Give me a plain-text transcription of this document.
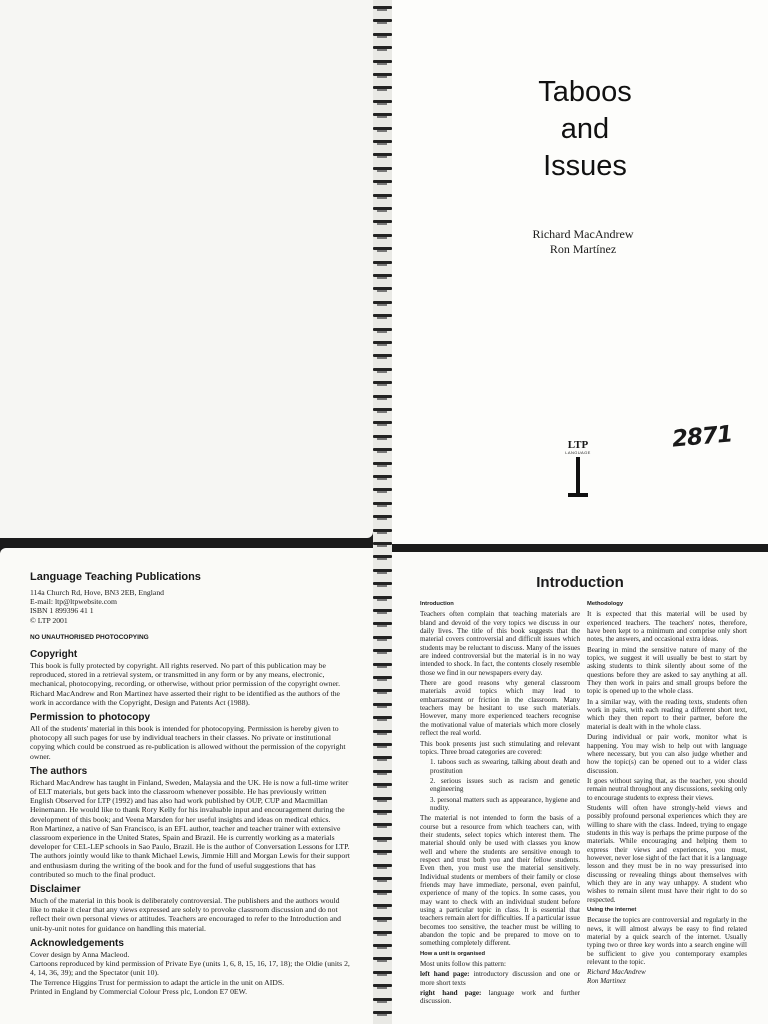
Taboos
and
Issues
Richard MacAndrew
Ron Martínez
2871
LTP
LANGUAGE
Language Teaching Publications

114a Church Rd, Hove, BN3 2EB, England

E-mail: ltp@ltpwebsite.com

ISBN 1 899396 41 1

© LTP 2001

NO UNAUTHORISED PHOTOCOPYING
Copyright

This book is fully protected by copyright. All rights reserved. No part of this publication may be reproduced, stored in a retrieval system, or transmitted in any form or by any means, electronic, mechanical, photocopying, recording, or otherwise, without prior permission of the copyright owner.

Richard MacAndrew and Ron Martinez have asserted their right to be identified as the authors of the work in accordance with the Copyright, Design and Patents Act (1988).

Permission to photocopy

All of the students' material in this book is intended for photocopying. Permission is hereby given to photocopy all such pages for use by individual teachers in their classes. No private or institutional copying which could be construed as re-publication is allowed without the permission of the copyright owner.

The authors

Richard MacAndrew has taught in Finland, Sweden, Malaysia and the UK. He is now a full-time writer of ELT materials, but gets back into the classroom whenever possible. He has previously written English Observed for LTP (1992) and has also had work published by OUP, CUP and Macmillan Heinemann. He would like to thank Rory Kelly for his invaluable input and encouragement during the development of this book; and Veena Marsden for her useful insights and ideas on medical ethics.

Ron Martinez, a native of San Francisco, is an EFL author, teacher and teacher trainer with extensive classroom experience in the United States, Spain and Brazil. He is currently working as a materials developer for CEL-LEP schools in Sao Paulo, Brazil. He is the author of Conversation Lessons for LTP.

The authors jointly would like to thank Michael Lewis, Jimmie Hill and Morgan Lewis for their support and enthusiasm during the writing of the book and for the fund of useful suggestions that has contributed so much to the final product.

Disclaimer

Much of the material in this book is deliberately controversial. The publishers and the authors would like to make it clear that any views expressed are solely to provoke classroom discussion and do not reflect their own personal views or attitudes. Teachers are encouraged to refer to the Introduction and unit-by-unit notes for guidance on handling this material.

Acknowledgements

Cover design by Anna Macleod.

Cartoons reproduced by kind permission of Private Eye (units 1, 6, 8, 15, 16, 17, 18); the Oldie (units 2, 4, 14, 36, 39); and the Spectator (unit 10).

The Terrence Higgins Trust for permission to adapt the article in the unit on AIDS.

Printed in England by Commercial Colour Press plc, London E7 0EW.

Introduction
Introduction

Teachers often complain that teaching materials are bland and devoid of the very topics we discuss in our daily lives. The title of this book suggests that the material covers controversial and difficult issues which students may be reluctant to discuss. Many of the issues are indeed controversial but the material is in no way intended to shock. In fact, the contents closely resemble those we find in our newspapers every day.

There are good reasons why general classroom materials avoid topics which may lead to embarrassment or friction in the classroom. Many teachers may be hesitant to use such materials. However, many more experienced teachers recognise the motivational value of materials which more closely reflect the real world.

This book presents just such stimulating and relevant topics. Three broad categories are covered:

1. taboos such as swearing, talking about death and prostitution
2. serious issues such as racism and genetic engineering
3. personal matters such as appearance, hygiene and nudity.

The material is not intended to form the basis of a course but a resource from which teachers can, with their students, select topics which interest them. The material should only be used with classes you know well and where the students are sensitive enough to respect and trust both you and their fellow students. Even then, you must use the material sensitively. Individual students or members of their family or close friends may have immediate, personal, even painful, experience of many of the topics. In some cases, you may want to check with an individual student before using a particular topic in class. It is essential that teachers remain alert for difficulties. If a particular issue becomes too sensitive, the teacher must be willing to abandon the topic and be prepared to move on to something completely different.

How a unit is organised

Most units follow this pattern:

left hand page: introductory discussion and one or more short texts

right hand page: language work and further discussion.

Methodology

It is expected that this material will be used by experienced teachers. The teachers' notes, therefore, have been kept to a minimum and comprise only short notes, the answers, and occasional extra ideas.

Bearing in mind the sensitive nature of many of the topics, we suggest it will usually be best to start by asking students to think silently about some of the questions before they are asked to say anything at all. They then work in pairs and small groups before the topic is opened up to the whole class.

In a similar way, with the reading texts, students often work in pairs, with each reading a different short text, which they then report to their partner, before the material is dealt with in the whole class.

During individual or pair work, monitor what is happening. You may wish to help out with language where necessary, but you can also judge whether and how the topic(s) can be opened out to a wider class discussion.

It goes without saying that, as the teacher, you should remain neutral throughout any discussions, seeking only to encourage students to express their views.

Students will often have strongly-held views and possibly profound personal experiences which they are willing to share with the class. Indeed, trying to engage students in this way is perhaps the prime purpose of the materials. While encouraging and helping them to express their views and experiences, you must, however, never lose sight of the fact that it is a language lesson and they must be in no way pressurised into discussing or revealing things about themselves with which they are in any way unhappy. A student who wishes to remain silent must have their right to do so respected.

Using the internet

Because the topics are controversial and regularly in the news, it will almost always be easy to find related material by a quick search of the internet. Usually typing two or three key words into a search engine will be sufficient to give you contemporary examples relevant to the topic.

Richard MacAndrew

Ron Martinez
